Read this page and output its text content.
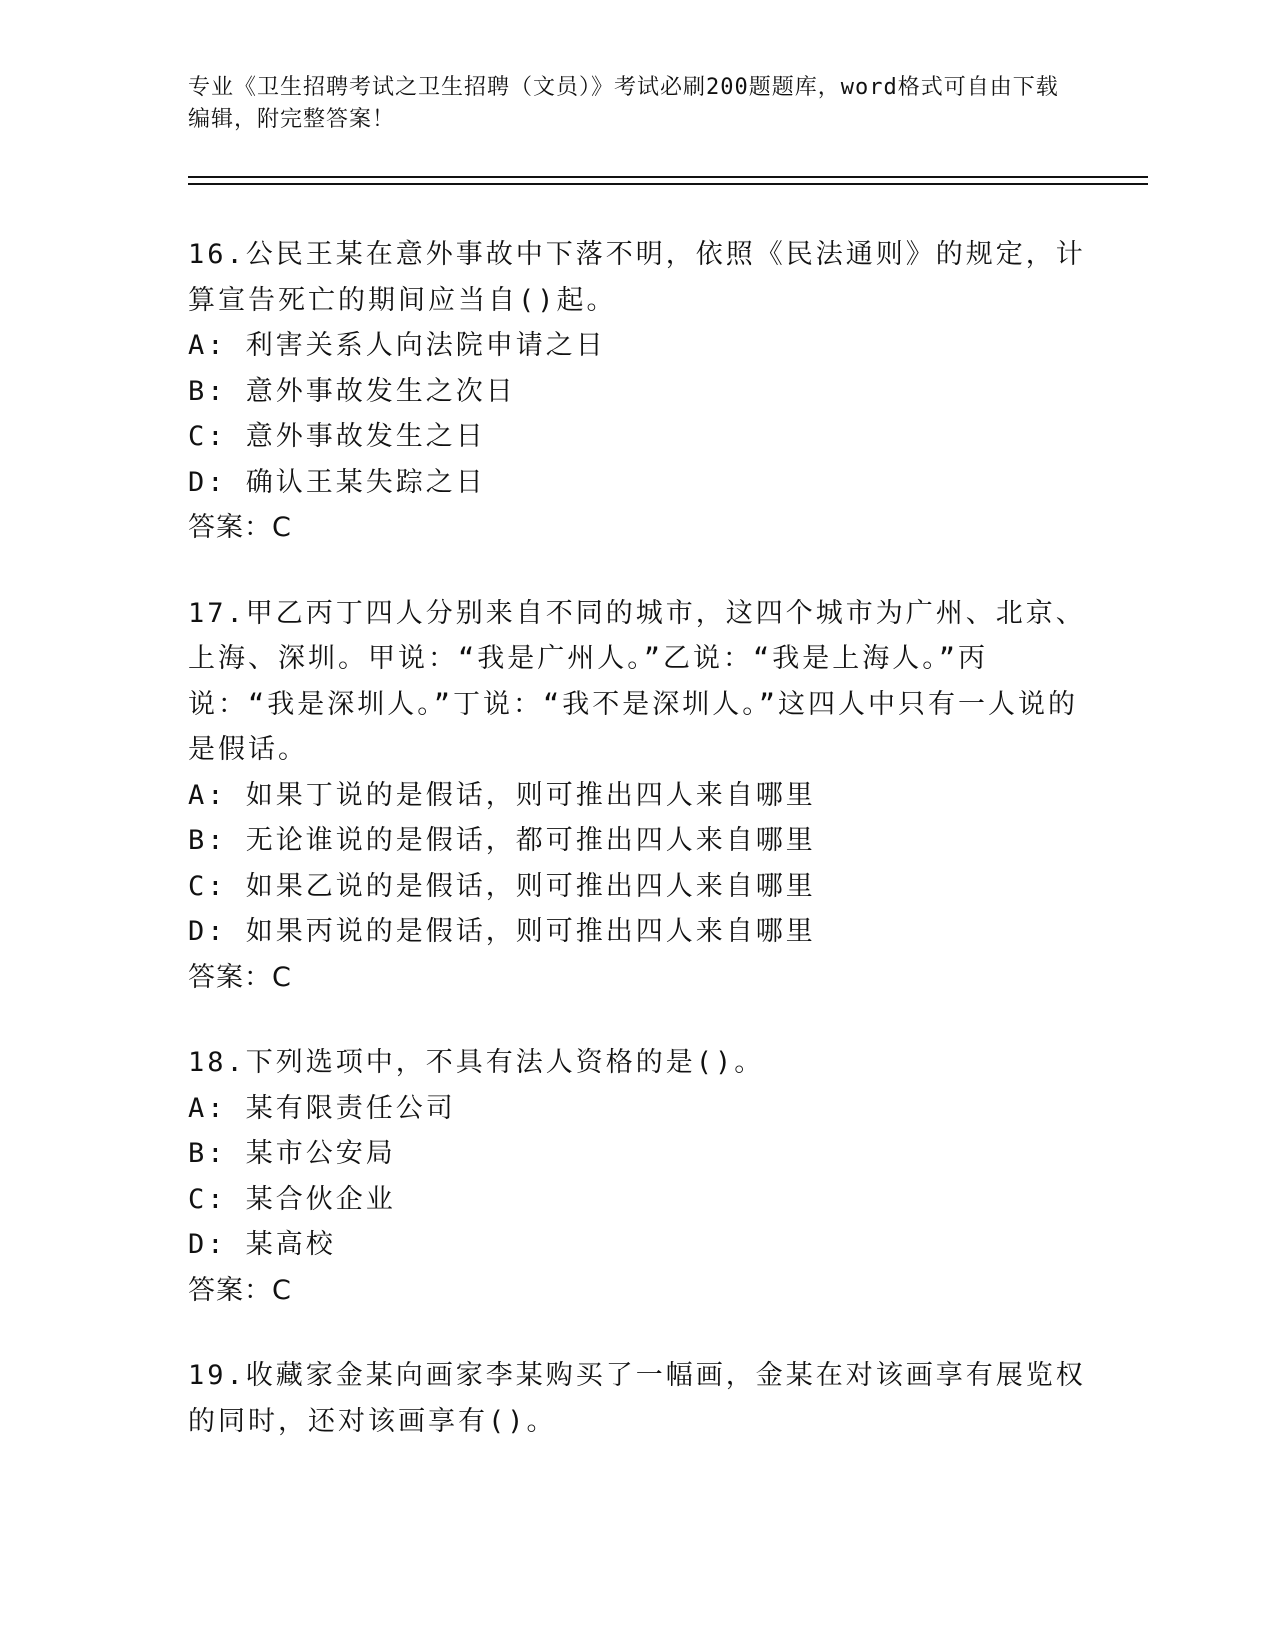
专业《卫生招聘考试之卫生招聘（文员）》考试必刷200题题库，word格式可自由下载编辑，附完整答案！
16.公民王某在意外事故中下落不明，依照《民法通则》的规定，计算宣告死亡的期间应当自()起。
A: 利害关系人向法院申请之日
B: 意外事故发生之次日
C: 意外事故发生之日
D: 确认王某失踪之日
答案：C
17.甲乙丙丁四人分别来自不同的城市，这四个城市为广州、北京、上海、深圳。甲说：“我是广州人。”乙说：“我是上海人。”丙说：“我是深圳人。”丁说：“我不是深圳人。”这四人中只有一人说的是假话。
A: 如果丁说的是假话，则可推出四人来自哪里
B: 无论谁说的是假话，都可推出四人来自哪里
C: 如果乙说的是假话，则可推出四人来自哪里
D: 如果丙说的是假话，则可推出四人来自哪里
答案：C
18.下列选项中，不具有法人资格的是()。
A: 某有限责任公司
B: 某市公安局
C: 某合伙企业
D: 某高校
答案：C
19.收藏家金某向画家李某购买了一幅画，金某在对该画享有展览权的同时，还对该画享有()。
